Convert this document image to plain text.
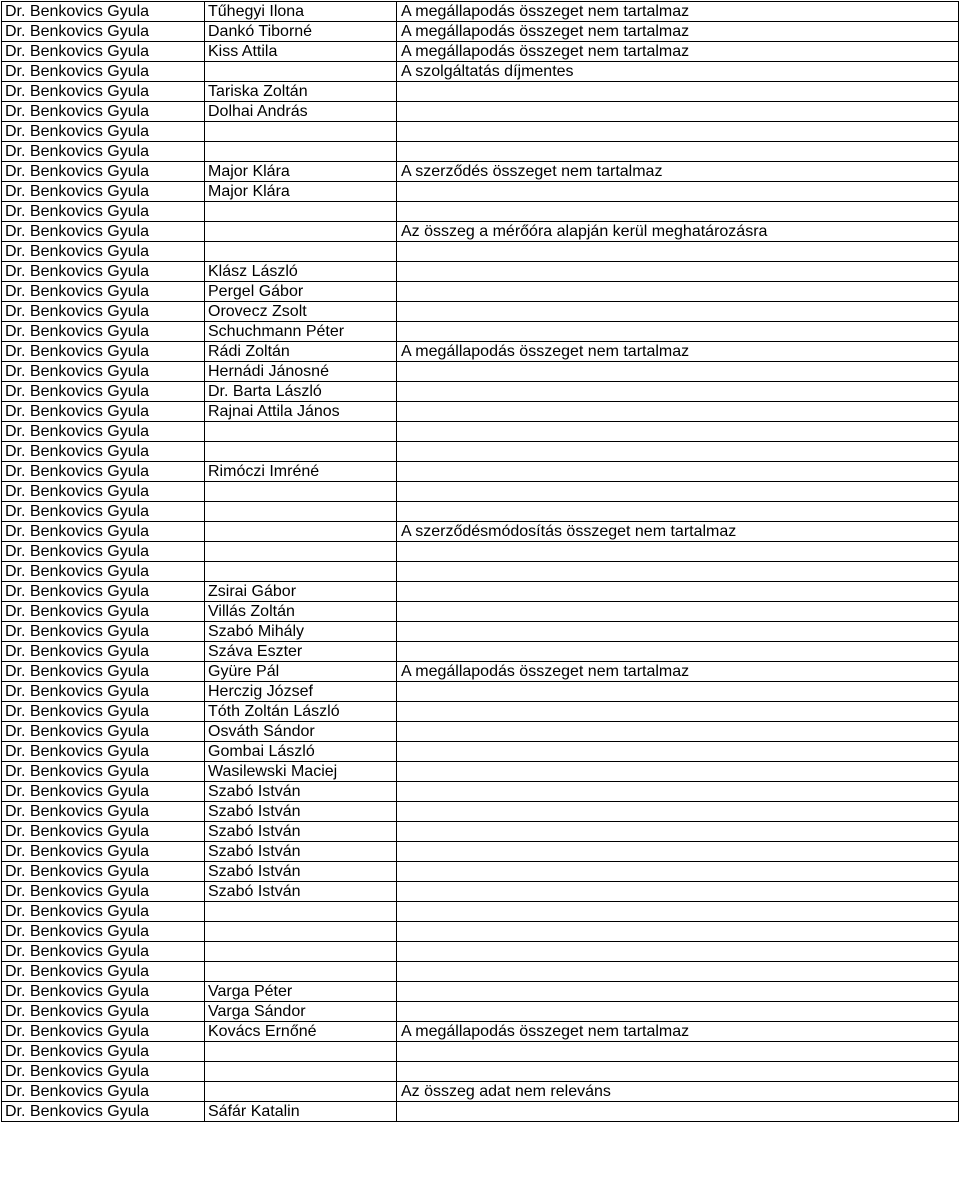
Dr. Benkovics Gyula	Tűhegyi Ilona	A megállapodás összeget nem tartalmaz
Dr. Benkovics Gyula	Dankó Tiborné	A megállapodás összeget nem tartalmaz
Dr. Benkovics Gyula	Kiss Attila	A megállapodás összeget nem tartalmaz
Dr. Benkovics Gyula		A szolgáltatás díjmentes
Dr. Benkovics Gyula	Tariska Zoltán	
Dr. Benkovics Gyula	Dolhai András	
Dr. Benkovics Gyula		
Dr. Benkovics Gyula		
Dr. Benkovics Gyula	Major Klára	A szerződés összeget nem tartalmaz
Dr. Benkovics Gyula	Major Klára	
Dr. Benkovics Gyula		
Dr. Benkovics Gyula		Az összeg a mérőóra alapján kerül meghatározásra
Dr. Benkovics Gyula		
Dr. Benkovics Gyula	Klász László	
Dr. Benkovics Gyula	Pergel Gábor	
Dr. Benkovics Gyula	Orovecz Zsolt	
Dr. Benkovics Gyula	Schuchmann Péter	
Dr. Benkovics Gyula	Rádi Zoltán	A megállapodás összeget nem tartalmaz
Dr. Benkovics Gyula	Hernádi Jánosné	
Dr. Benkovics Gyula	Dr. Barta László	
Dr. Benkovics Gyula	Rajnai Attila János	
Dr. Benkovics Gyula		
Dr. Benkovics Gyula		
Dr. Benkovics Gyula	Rimóczi Imréné	
Dr. Benkovics Gyula		
Dr. Benkovics Gyula		
Dr. Benkovics Gyula		A szerződésmódosítás összeget nem tartalmaz
Dr. Benkovics Gyula		
Dr. Benkovics Gyula		
Dr. Benkovics Gyula	Zsirai Gábor	
Dr. Benkovics Gyula	Villás Zoltán	
Dr. Benkovics Gyula	Szabó Mihály	
Dr. Benkovics Gyula	Száva Eszter	
Dr. Benkovics Gyula	Gyüre Pál	A megállapodás összeget nem tartalmaz
Dr. Benkovics Gyula	Herczig József	
Dr. Benkovics Gyula	Tóth Zoltán László	
Dr. Benkovics Gyula	Osváth Sándor	
Dr. Benkovics Gyula	Gombai László	
Dr. Benkovics Gyula	Wasilewski Maciej	
Dr. Benkovics Gyula	Szabó István	
Dr. Benkovics Gyula	Szabó István	
Dr. Benkovics Gyula	Szabó István	
Dr. Benkovics Gyula	Szabó István	
Dr. Benkovics Gyula	Szabó István	
Dr. Benkovics Gyula	Szabó István	
Dr. Benkovics Gyula		
Dr. Benkovics Gyula		
Dr. Benkovics Gyula		
Dr. Benkovics Gyula		
Dr. Benkovics Gyula	Varga Péter	
Dr. Benkovics Gyula	Varga Sándor	
Dr. Benkovics Gyula	Kovács Ernőné	A megállapodás összeget nem tartalmaz
Dr. Benkovics Gyula		
Dr. Benkovics Gyula		
Dr. Benkovics Gyula		Az összeg adat nem releváns
Dr. Benkovics Gyula	Sáfár Katalin	
